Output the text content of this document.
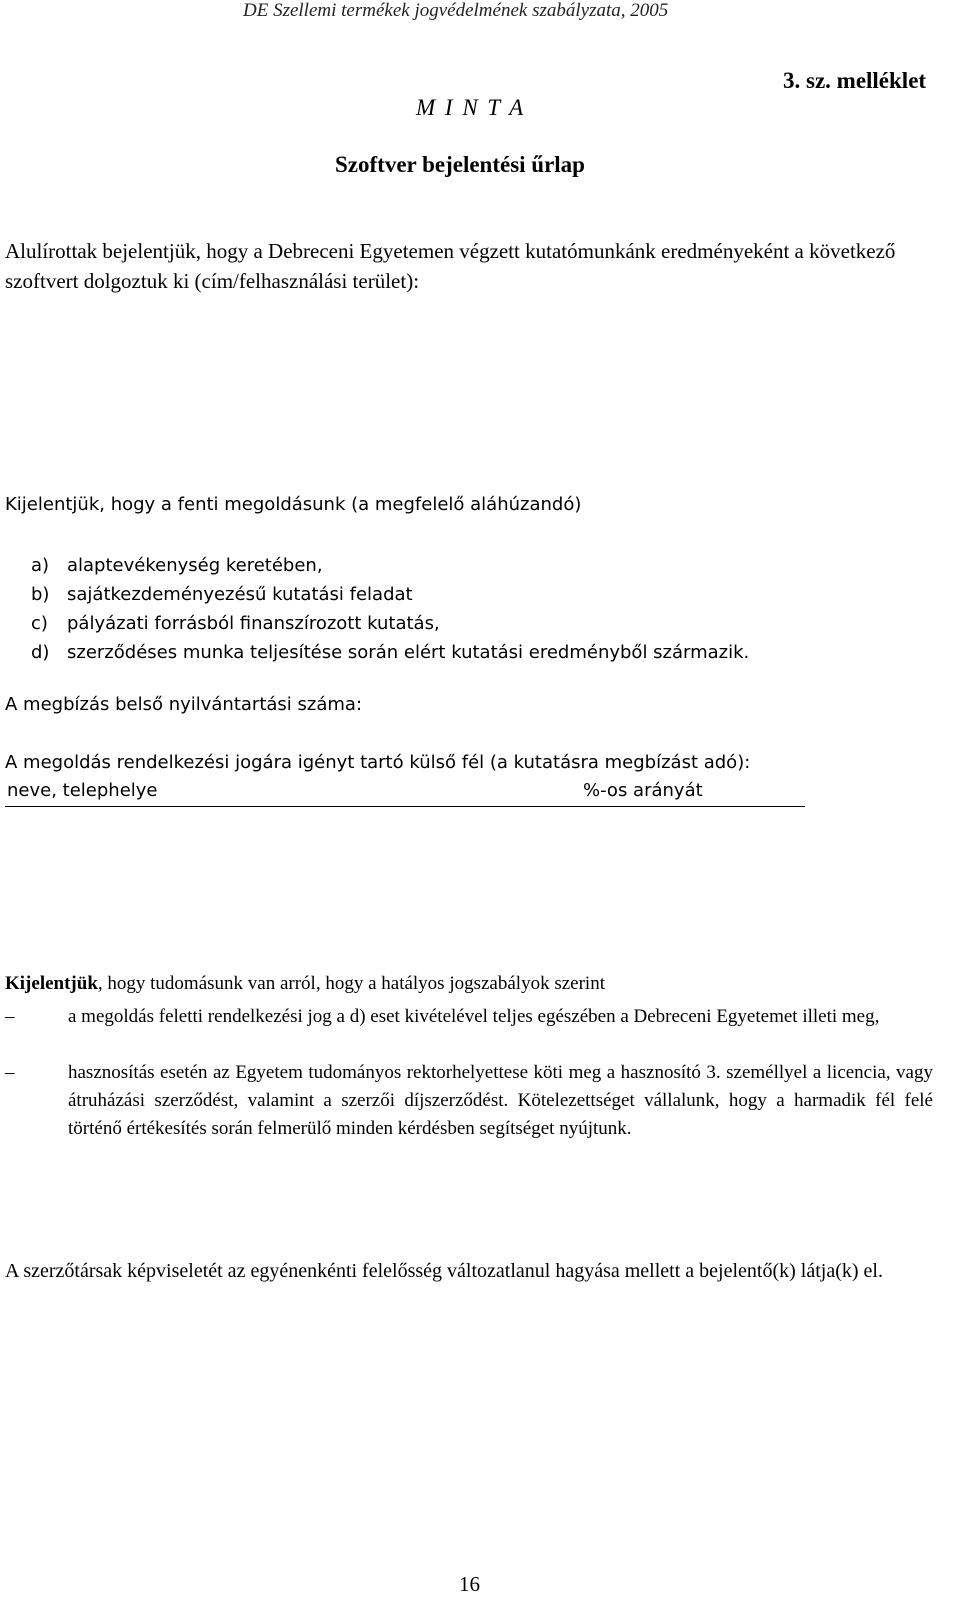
DE Szellemi termékek jogvédelmének szabályzata, 2005
3. sz. melléklet
M I N T A
Szoftver bejelentési űrlap
Alulírottak bejelentjük, hogy a Debreceni Egyetemen végzett kutatómunkánk eredményeként a következő szoftvert dolgoztuk ki (cím/felhasználási terület):
Kijelentjük, hogy a fenti megoldásunk (a megfelelő aláhúzandó)
a) alaptevékenység keretében,
b) sajátkezdeményezésű kutatási feladat
c) pályázati forrásból finanszírozott kutatás,
d) szerződéses munka teljesítése során elért kutatási eredményből származik.
A megbízás belső nyilvántartási száma:
A megoldás rendelkezési jogára igényt tartó külső fél (a kutatásra megbízást adó):
neve, telephelye	%-os arányát
Kijelentjük, hogy tudomásunk van arról, hogy a hatályos jogszabályok szerint
–	a megoldás feletti rendelkezési jog a d) eset kivételével teljes egészében a Debreceni Egyetemet illeti meg,
–	hasznosítás esetén az Egyetem tudományos rektorhelyettese köti meg a hasznosító 3. személlyel a licencia, vagy átruházási szerződést, valamint a szerzői díjszerződést. Kötelezettséget vállalunk, hogy a harmadik fél felé történő értékesítés során felmerülő minden kérdésben segítséget nyújtunk.
A szerzőtársak képviseletét az egyénenkénti felelősség változatlanul hagyása mellett a bejelentő(k) látja(k) el.
16
